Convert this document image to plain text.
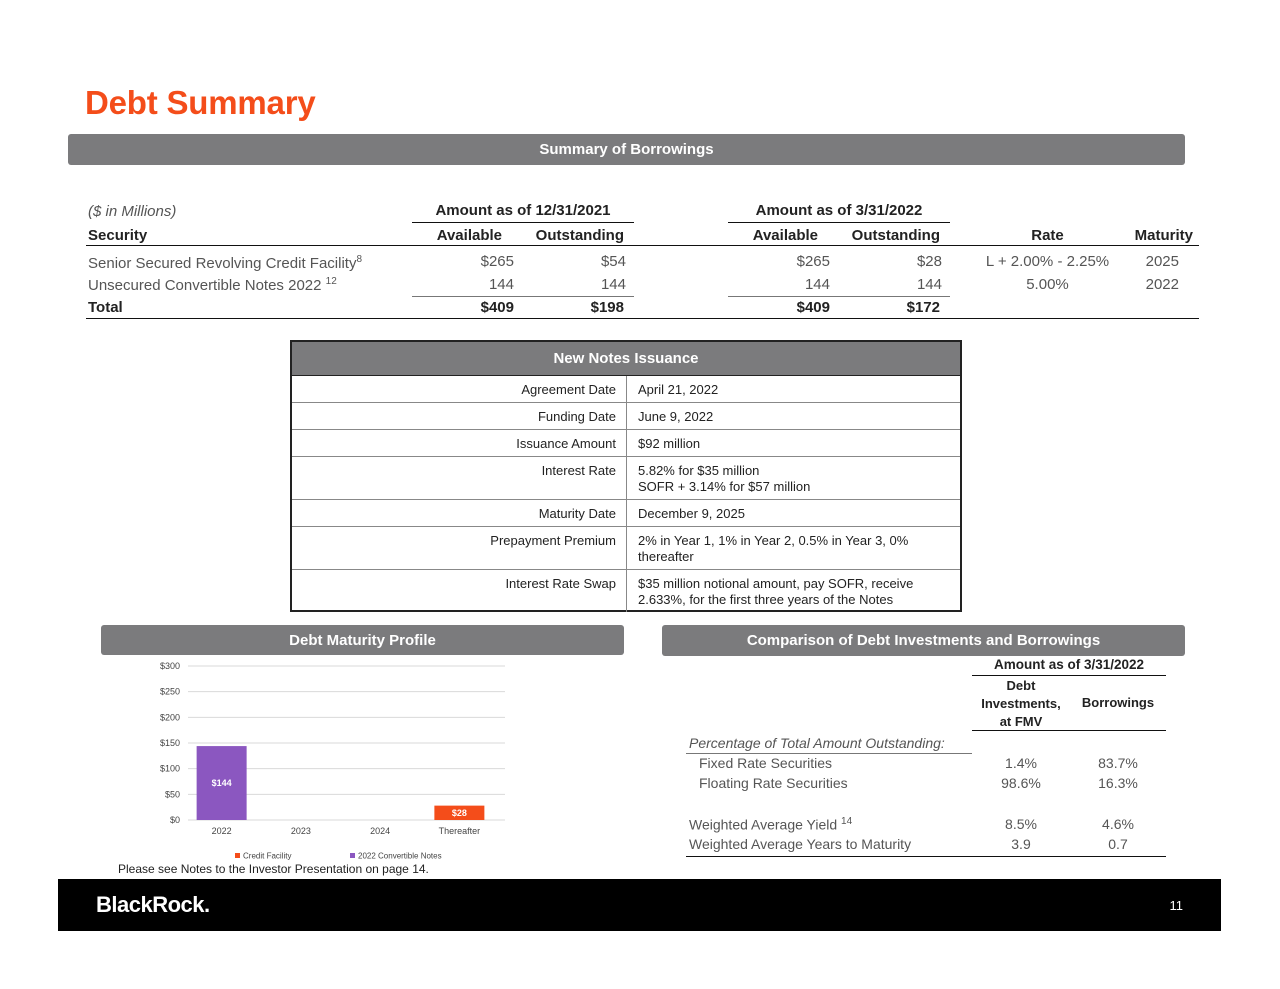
Debt Summary
Summary of Borrowings
($ in Millions)	Amount as of 12/31/2021	Amount as of 3/31/2022
Security	Available	Outstanding	Available	Outstanding	Rate	Maturity
Senior Secured Revolving Credit Facility$^8$	$265	$54	$265	$28	L + 2.00% - 2.25%	2025
Unsecured Convertible Notes 2022 $^{12}$	144	144	144	144	5.00%	2022
Total	$409	$198	$409	$172
New Notes Issuance
Agreement Date	April 21, 2022
Funding Date	June 9, 2022
Issuance Amount	$92 million
Interest Rate	5.82% for $35 million
SOFR + 3.14% for $57 million
Maturity Date	December 9, 2025
Prepayment Premium	2% in Year 1, 1% in Year 2, 0.5% in Year 3, 0%
thereafter
Interest Rate Swap	$35 million notional amount, pay SOFR, receive
2.633%, for the first three years of the Notes
Debt Maturity Profile
$0
$50
$100
$150
$200
$250
$300
2022
$144
2023	2024	Thereafter
$28
Credit Facility	2022 Convertible Notes
Please see Notes to the Investor Presentation on page 14.
Comparison of Debt Investments and Borrowings
Amount as of 3/31/2022
Debt
Investments,
at FMV
Borrowings
Percentage of Total Amount Outstanding:
Fixed Rate Securities	1.4%	83.7%
Floating Rate Securities	98.6%	16.3%
Weighted Average Yield $^{14}$	8.5%	4.6%
Weighted Average Years to Maturity	3.9	0.7
BlackRock.	11
